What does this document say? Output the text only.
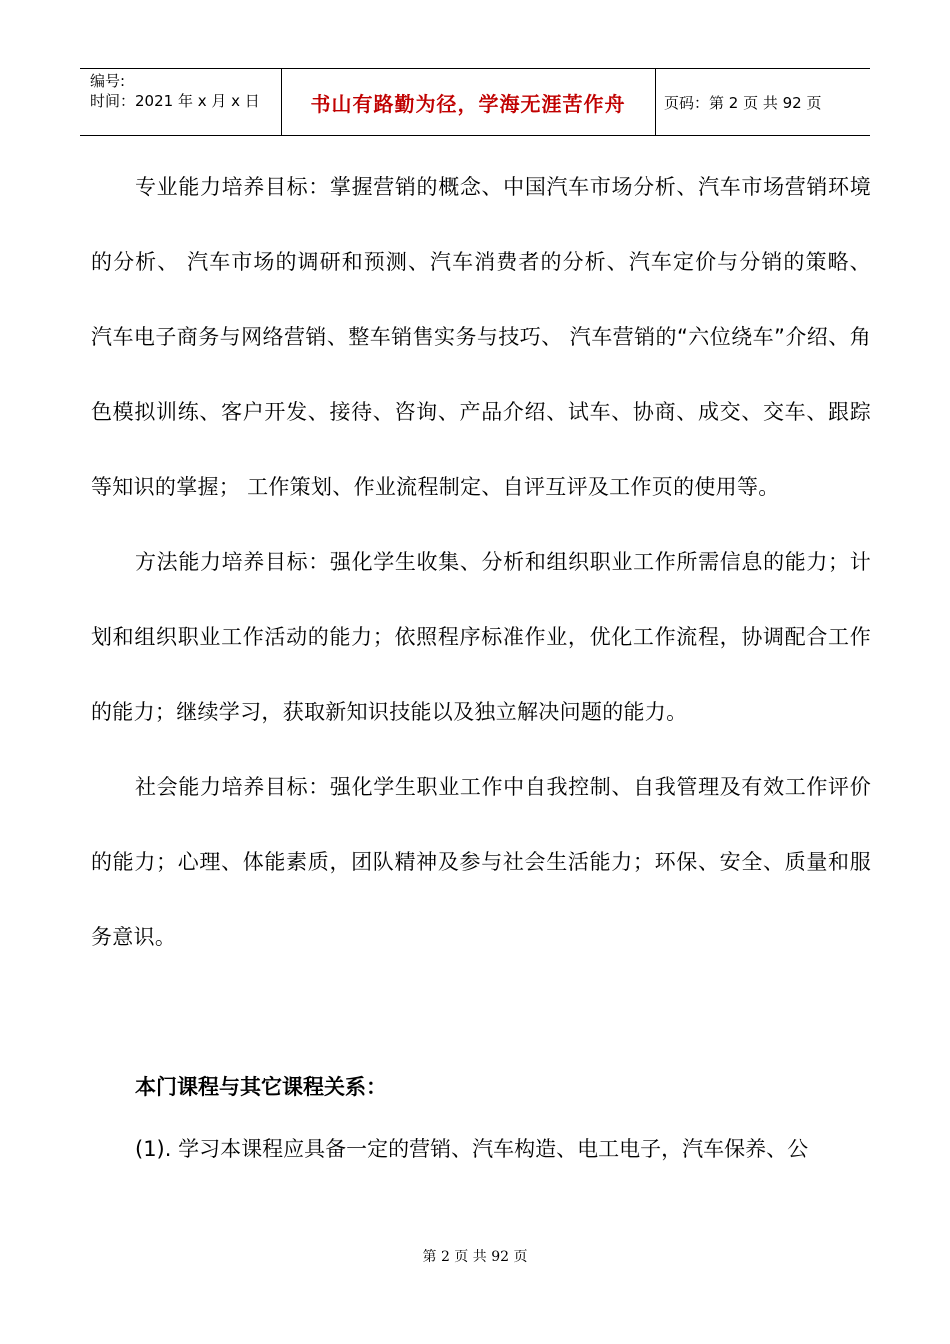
编号:
时间：2021 年 x 月 x 日	书山有路勤为径，学海无涯苦作舟	页码：第 2 页 共 92 页

专业能力培养目标：掌握营销的概念、中国汽车市场分析、汽车市场营销环境的分析、 汽车市场的调研和预测、汽车消费者的分析、汽车定价与分销的策略、 汽车电子商务与网络营销、整车销售实务与技巧、 汽车营销的“六位绕车”介绍、角色模拟训练、客户开发、接待、咨询、产品介绍、试车、协商、成交、交车、跟踪等知识的掌握； 工作策划、作业流程制定、自评互评及工作页的使用等。

方法能力培养目标：强化学生收集、分析和组织职业工作所需信息的能力；计划和组织职业工作活动的能力；依照程序标准作业，优化工作流程，协调配合工作的能力；继续学习，获取新知识技能以及独立解决问题的能力。

社会能力培养目标：强化学生职业工作中自我控制、自我管理及有效工作评价的能力；心理、体能素质，团队精神及参与社会生活能力；环保、安全、质量和服务意识。

本门课程与其它课程关系：

(1). 学习本课程应具备一定的营销、汽车构造、电工电子，汽车保养、公

第 2 页 共 92 页
